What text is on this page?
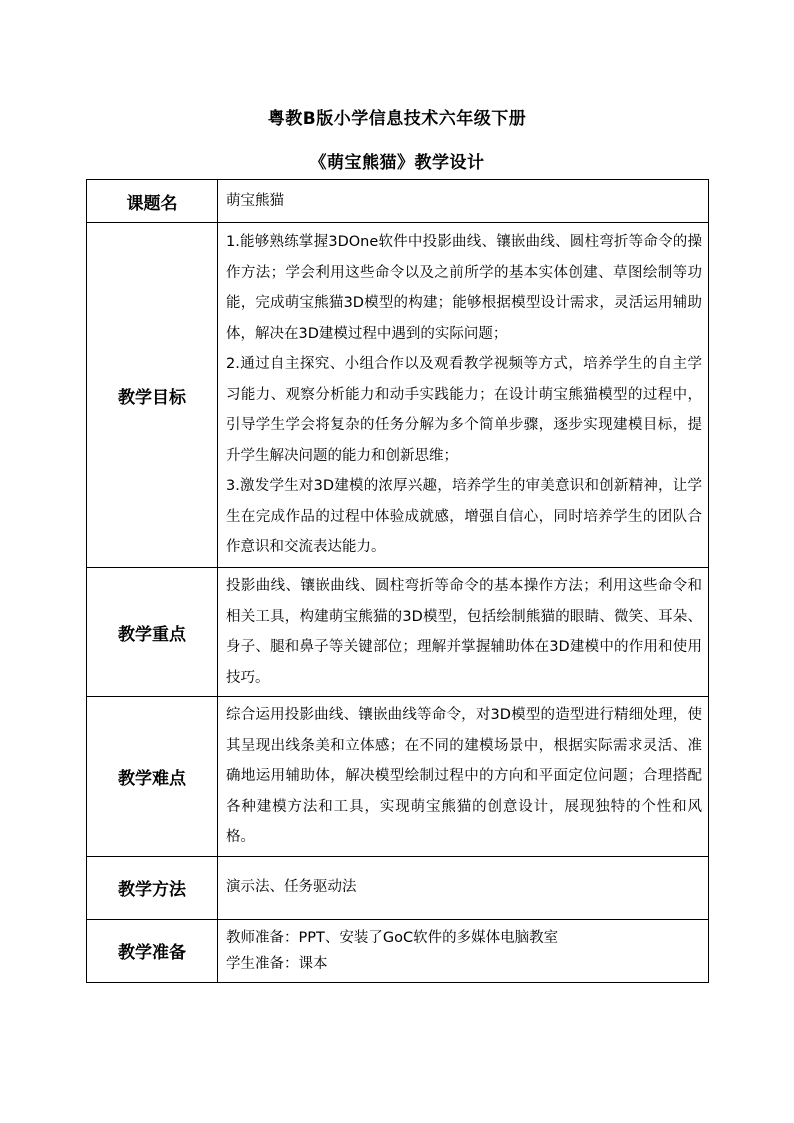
粤教B版小学信息技术六年级下册
《萌宝熊猫》教学设计
课题名	萌宝熊猫

教学目标	1.能够熟练掌握3DOne软件中投影曲线、镶嵌曲线、圆柱弯折等命令的操作方法；学会利用这些命令以及之前所学的基本实体创建、草图绘制等功能，完成萌宝熊猫3D模型的构建；能够根据模型设计需求，灵活运用辅助体，解决在3D建模过程中遇到的实际问题；

2.通过自主探究、小组合作以及观看教学视频等方式，培养学生的自主学习能力、观察分析能力和动手实践能力；在设计萌宝熊猫模型的过程中，引导学生学会将复杂的任务分解为多个简单步骤，逐步实现建模目标，提升学生解决问题的能力和创新思维；

3.激发学生对3D建模的浓厚兴趣，培养学生的审美意识和创新精神，让学生在完成作品的过程中体验成就感，增强自信心，同时培养学生的团队合作意识和交流表达能力。

教学重点	投影曲线、镶嵌曲线、圆柱弯折等命令的基本操作方法；利用这些命令和相关工具，构建萌宝熊猫的3D模型，包括绘制熊猫的眼睛、微笑、耳朵、身子、腿和鼻子等关键部位；理解并掌握辅助体在3D建模中的作用和使用技巧。

教学难点	综合运用投影曲线、镶嵌曲线等命令，对3D模型的造型进行精细处理，使其呈现出线条美和立体感；在不同的建模场景中，根据实际需求灵活、准确地运用辅助体，解决模型绘制过程中的方向和平面定位问题；合理搭配各种建模方法和工具，实现萌宝熊猫的创意设计，展现独特的个性和风格。

教学方法	演示法、任务驱动法

教学准备	教师准备：PPT、安装了GoC软件的多媒体电脑教室

学生准备：课本
